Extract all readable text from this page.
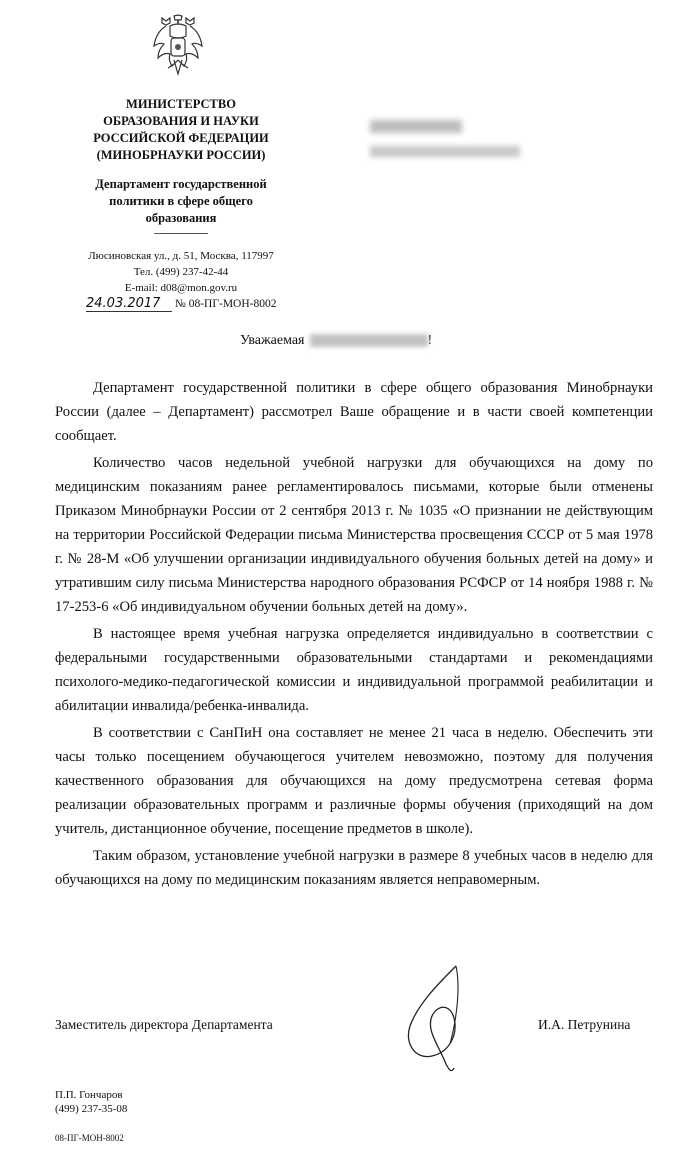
МИНИСТЕРСТВО
ОБРАЗОВАНИЯ И НАУКИ
РОССИЙСКОЙ ФЕДЕРАЦИИ
(МИНОБРНАУКИ РОССИИ)
Департамент государственной
политики в сфере общего
образования
Люсиновская ул., д. 51, Москва, 117997
Тел. (499) 237-42-44
E-mail: d08@mon.gov.ru
24.03.2017 № 08-ПГ-МОН-8002
Уважаемая	!

Департамент государственной политики в сфере общего образования Минобрнауки России (далее – Департамент) рассмотрел Ваше обращение и в части своей компетенции сообщает.

Количество часов недельной учебной нагрузки для обучающихся на дому по медицинским показаниям ранее регламентировалось письмами, которые были отменены Приказом Минобрнауки России от 2 сентября 2013 г. № 1035 «О признании не действующим на территории Российской Федерации письма Министерства просвещения СССР от 5 мая 1978 г. № 28-М «Об улучшении организации индивидуального обучения больных детей на дому» и утратившим силу письма Министерства народного образования РСФСР от 14 ноября 1988 г. № 17-253-6 «Об индивидуальном обучении больных детей на дому».

В настоящее время учебная нагрузка определяется индивидуально в соответствии с федеральными государственными образовательными стандартами и рекомендациями психолого-медико-педагогической комиссии и индивидуальной программой реабилитации и абилитации инвалида/ребенка-инвалида.

В соответствии с СанПиН она составляет не менее 21 часа в неделю. Обеспечить эти часы только посещением обучающегося учителем невозможно, поэтому для получения качественного образования для обучающихся на дому предусмотрена сетевая форма реализации образовательных программ и различные формы обучения (приходящий на дом учитель, дистанционное обучение, посещение предметов в школе).

Таким образом, установление учебной нагрузки в размере 8 учебных часов в неделю для обучающихся на дому по медицинским показаниям является неправомерным.

Заместитель директора Департамента	И.А. Петрунина
П.П. Гончаров
(499) 237-35-08
08-ПГ-МОН-8002
